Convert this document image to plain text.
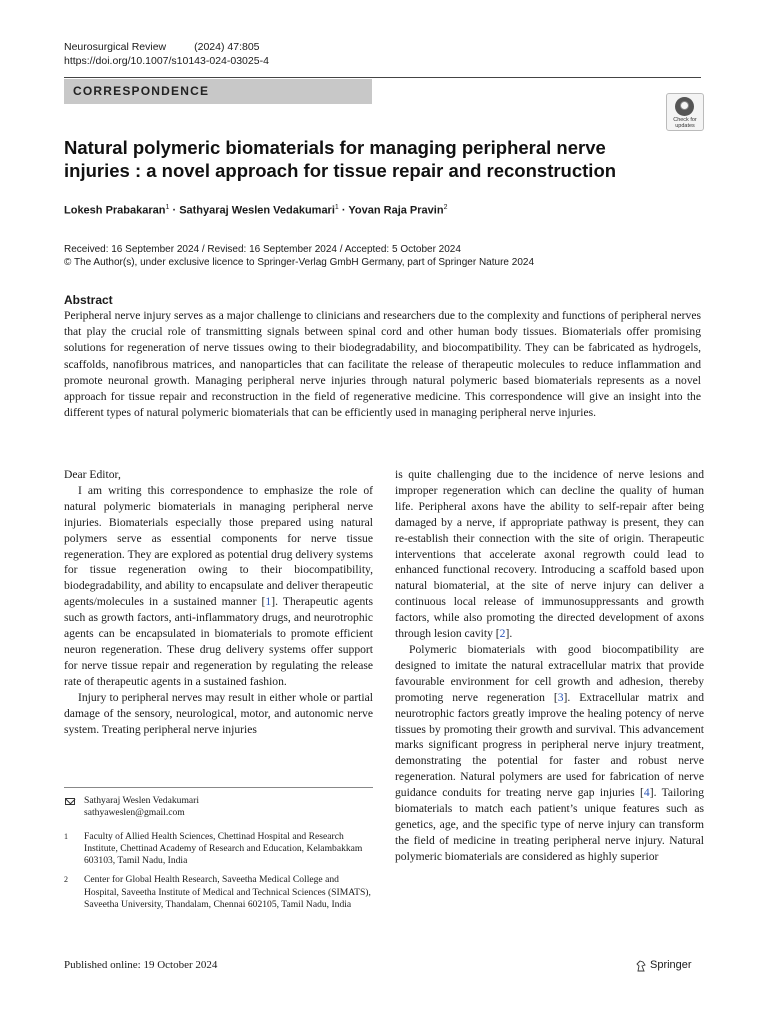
Neurosurgical Review	(2024) 47:805
https://doi.org/10.1007/s10143-024-03025-4
CORRESPONDENCE
Check for updates
Natural polymeric biomaterials for managing peripheral nerve injuries : a novel approach for tissue repair and reconstruction
Lokesh Prabakaran$^1$ · Sathyaraj Weslen Vedakumari$^1$ · Yovan Raja Pravin$^2$
Received: 16 September 2024 / Revised: 16 September 2024 / Accepted: 5 October 2024
© The Author(s), under exclusive licence to Springer-Verlag GmbH Germany, part of Springer Nature 2024
Abstract
Peripheral nerve injury serves as a major challenge to clinicians and researchers due to the complexity and functions of peripheral nerves that play the crucial role of transmitting signals between spinal cord and other human body tissues. Biomaterials offer promising solutions for regeneration of nerve tissues owing to their biodegradability, and biocompatibility. They can be fabricated as hydrogels, scaffolds, nanofibrous matrices, and nanoparticles that can facilitate the release of therapeutic molecules to reduce inflammation and promote neuronal growth. Managing peripheral nerve injuries through natural polymeric based biomaterials represents as a novel approach for tissue repair and reconstruction in the field of regenerative medicine. This correspondence will give an insight into the different types of natural polymeric biomaterials that can be efficiently used in managing peripheral nerve injuries.

Dear Editor,

I am writing this correspondence to emphasize the role of natural polymeric biomaterials in managing peripheral nerve injuries. Biomaterials especially those prepared using natural polymers serve as essential components for nerve tissue regeneration. They are explored as potential drug delivery systems for tissue regeneration owing to their biocompatibility, biodegradability, and ability to encapsulate and deliver therapeutic agents/molecules in a sustained manner [1]. Therapeutic agents such as growth factors, anti-inflammatory drugs, and neurotrophic agents can be encapsulated in biomaterials to promote efficient neuron regeneration. These drug delivery systems offer support for nerve tissue repair and regeneration by regulating the release rate of therapeutic agents in a sustained fashion.

Injury to peripheral nerves may result in either whole or partial damage of the sensory, neurological, motor, and autonomic nerve system. Treating peripheral nerve injuries

is quite challenging due to the incidence of nerve lesions and improper regeneration which can decline the quality of human life. Peripheral axons have the ability to self-repair after being damaged by a nerve, if appropriate pathway is present, they can re-establish their connection with the site of origin. Therapeutic interventions that accelerate axonal regrowth could lead to enhanced functional recovery. Introducing a scaffold based upon natural biomaterial, at the site of nerve injury can deliver a continuous local release of immunosuppressants and growth factors, while also promoting the directed development of axons through lesion cavity [2].

Polymeric biomaterials with good biocompatibility are designed to imitate the natural extracellular matrix that provide favourable environment for cell growth and adhesion, thereby promoting nerve regeneration [3]. Extracellular matrix and neurotrophic factors greatly improve the healing potency of nerve tissues by promoting their growth and survival. This advancement marks significant progress in peripheral nerve injury treatment, demonstrating the potential for faster and robust nerve regeneration. Natural polymers are used for fabrication of nerve guidance conduits for treating nerve gap injuries [4]. Tailoring biomaterials to match each patient’s unique features such as genetics, age, and the specific type of nerve injury can transform the field of medicine in treating peripheral nerve injury. Natural polymeric biomaterials are considered as highly superior

Sathyaraj Weslen Vedakumari
sathyaweslen@gmail.com
1 Faculty of Allied Health Sciences, Chettinad Hospital and Research Institute, Chettinad Academy of Research and Education, Kelambakkam 603103, Tamil Nadu, India
2 Center for Global Health Research, Saveetha Medical College and Hospital, Saveetha Institute of Medical and Technical Sciences (SIMATS), Saveetha University, Thandalam, Chennai 602105, Tamil Nadu, India
Published online: 19 October 2024	Springer
